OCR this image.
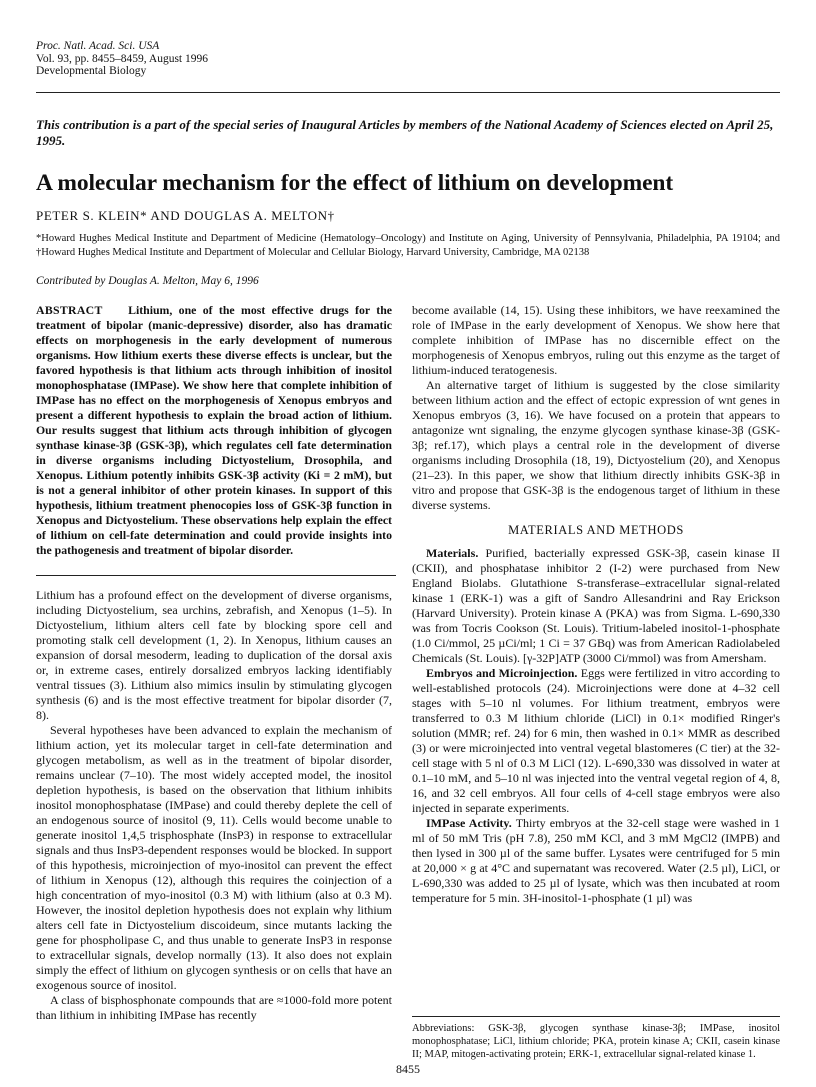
Proc. Natl. Acad. Sci. USA
Vol. 93, pp. 8455–8459, August 1996
Developmental Biology
This contribution is a part of the special series of Inaugural Articles by members of the National Academy of Sciences elected on April 25, 1995.
A molecular mechanism for the effect of lithium on development
PETER S. KLEIN* AND DOUGLAS A. MELTON†
*Howard Hughes Medical Institute and Department of Medicine (Hematology–Oncology) and Institute on Aging, University of Pennsylvania, Philadelphia, PA 19104; and †Howard Hughes Medical Institute and Department of Molecular and Cellular Biology, Harvard University, Cambridge, MA 02138
Contributed by Douglas A. Melton, May 6, 1996
ABSTRACT Lithium, one of the most effective drugs for the treatment of bipolar (manic-depressive) disorder, also has dramatic effects on morphogenesis in the early development of numerous organisms. How lithium exerts these diverse effects is unclear, but the favored hypothesis is that lithium acts through inhibition of inositol monophosphatase (IMPase). We show here that complete inhibition of IMPase has no effect on the morphogenesis of Xenopus embryos and present a different hypothesis to explain the broad action of lithium. Our results suggest that lithium acts through inhibition of glycogen synthase kinase-3β (GSK-3β), which regulates cell fate determination in diverse organisms including Dictyostelium, Drosophila, and Xenopus. Lithium potently inhibits GSK-3β activity (Ki = 2 mM), but is not a general inhibitor of other protein kinases. In support of this hypothesis, lithium treatment phenocopies loss of GSK-3β function in Xenopus and Dictyostelium. These observations help explain the effect of lithium on cell-fate determination and could provide insights into the pathogenesis and treatment of bipolar disorder.

Lithium has a profound effect on the development of diverse organisms, including Dictyostelium, sea urchins, zebrafish, and Xenopus (1–5). In Dictyostelium, lithium alters cell fate by blocking spore cell and promoting stalk cell development (1, 2). In Xenopus, lithium causes an expansion of dorsal mesoderm, leading to duplication of the dorsal axis or, in extreme cases, entirely dorsalized embryos lacking identifiably ventral tissues (3). Lithium also mimics insulin by stimulating glycogen synthesis (6) and is the most effective treatment for bipolar disorder (7, 8).

Several hypotheses have been advanced to explain the mechanism of lithium action, yet its molecular target in cell-fate determination and glycogen metabolism, as well as in the treatment of bipolar disorder, remains unclear (7–10). The most widely accepted model, the inositol depletion hypothesis, is based on the observation that lithium inhibits inositol monophosphatase (IMPase) and could thereby deplete the cell of an endogenous source of inositol (9, 11). Cells would become unable to generate inositol 1,4,5 trisphosphate (InsP3) in response to extracellular signals and thus InsP3-dependent responses would be blocked. In support of this hypothesis, microinjection of myo-inositol can prevent the effect of lithium in Xenopus (12), although this requires the coinjection of a high concentration of myo-inositol (0.3 M) with lithium (also at 0.3 M). However, the inositol depletion hypothesis does not explain why lithium alters cell fate in Dictyostelium discoideum, since mutants lacking the gene for phospholipase C, and thus unable to generate InsP3 in response to extracellular signals, develop normally (13). It also does not explain simply the effect of lithium on glycogen synthesis or on cells that have an exogenous source of inositol.

A class of bisphosphonate compounds that are ≈1000-fold more potent than lithium in inhibiting IMPase has recently

become available (14, 15). Using these inhibitors, we have reexamined the role of IMPase in the early development of Xenopus. We show here that complete inhibition of IMPase has no discernible effect on the morphogenesis of Xenopus embryos, ruling out this enzyme as the target of lithium-induced teratogenesis.

An alternative target of lithium is suggested by the close similarity between lithium action and the effect of ectopic expression of wnt genes in Xenopus embryos (3, 16). We have focused on a protein that appears to antagonize wnt signaling, the enzyme glycogen synthase kinase-3β (GSK-3β; ref.17), which plays a central role in the development of diverse organisms including Drosophila (18, 19), Dictyostelium (20), and Xenopus (21–23). In this paper, we show that lithium directly inhibits GSK-3β in vitro and propose that GSK-3β is the endogenous target of lithium in these diverse systems.

MATERIALS AND METHODS

Materials. Purified, bacterially expressed GSK-3β, casein kinase II (CKII), and phosphatase inhibitor 2 (I-2) were purchased from New England Biolabs. Glutathione S-transferase–extracellular signal-related kinase 1 (ERK-1) was a gift of Sandro Allesandrini and Ray Erickson (Harvard University). Protein kinase A (PKA) was from Sigma. L-690,330 was from Tocris Cookson (St. Louis). Tritium-labeled inositol-1-phosphate (1.0 Ci/mmol, 25 µCi/ml; 1 Ci = 37 GBq) was from American Radiolabeled Chemicals (St. Louis). [γ-32P]ATP (3000 Ci/mmol) was from Amersham.

Embryos and Microinjection. Eggs were fertilized in vitro according to well-established protocols (24). Microinjections were done at 4–32 cell stages with 5–10 nl volumes. For lithium treatment, embryos were transferred to 0.3 M lithium chloride (LiCl) in 0.1× modified Ringer's solution (MMR; ref. 24) for 6 min, then washed in 0.1× MMR as described (3) or were microinjected into ventral vegetal blastomeres (C tier) at the 32-cell stage with 5 nl of 0.3 M LiCl (12). L-690,330 was dissolved in water at 0.1–10 mM, and 5–10 nl was injected into the ventral vegetal region of 4, 8, 16, and 32 cell embryos. All four cells of 4-cell stage embryos were also injected in separate experiments.

IMPase Activity. Thirty embryos at the 32-cell stage were washed in 1 ml of 50 mM Tris (pH 7.8), 250 mM KCl, and 3 mM MgCl2 (IMPB) and then lysed in 300 µl of the same buffer. Lysates were centrifuged for 5 min at 20,000 × g at 4°C and supernatant was recovered. Water (2.5 µl), LiCl, or L-690,330 was added to 25 µl of lysate, which was then incubated at room temperature for 5 min. 3H-inositol-1-phosphate (1 µl) was

Abbreviations: GSK-3β, glycogen synthase kinase-3β; IMPase, inositol monophosphatase; LiCl, lithium chloride; PKA, protein kinase A; CKII, casein kinase II; MAP, mitogen-activating protein; ERK-1, extracellular signal-related kinase 1.
8455
